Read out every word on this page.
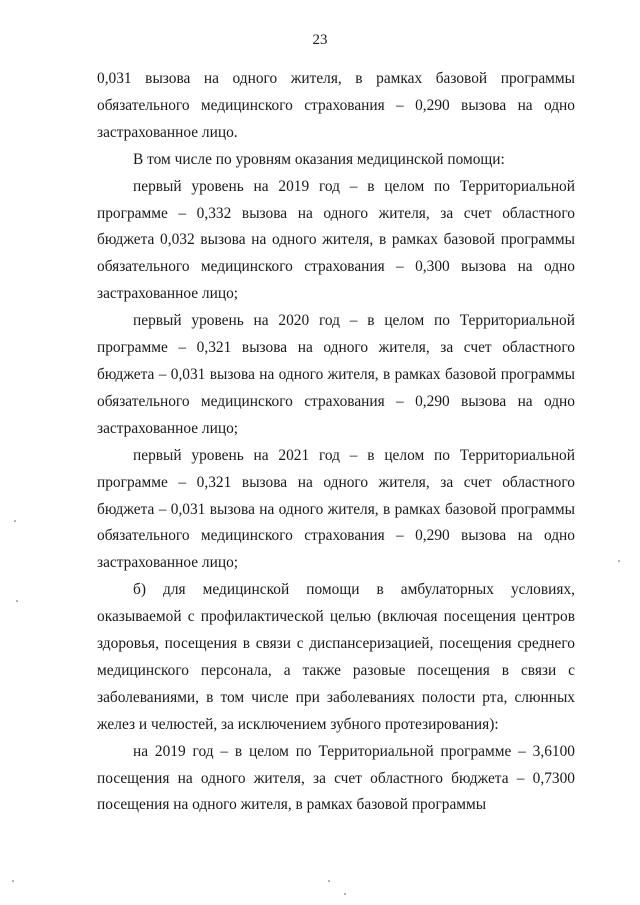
23

0,031 вызова на одного жителя, в рамках базовой программы обязательного медицинского страхования – 0,290 вызова на одно застрахованное лицо.

В том числе по уровням оказания медицинской помощи:

первый уровень на 2019 год – в целом по Территориальной программе – 0,332 вызова на одного жителя, за счет областного бюджета 0,032 вызова на одного жителя, в рамках базовой программы обязательного медицинского страхования – 0,300 вызова на одно застрахованное лицо;

первый уровень на 2020 год – в целом по Территориальной программе – 0,321 вызова на одного жителя, за счет областного бюджета – 0,031 вызова на одного жителя, в рамках базовой программы обязательного медицинского страхования – 0,290 вызова на одно застрахованное лицо;

первый уровень на 2021 год – в целом по Территориальной программе – 0,321 вызова на одного жителя, за счет областного бюджета – 0,031 вызова на одного жителя, в рамках базовой программы обязательного медицинского страхования – 0,290 вызова на одно застрахованное лицо;

б) для медицинской помощи в амбулаторных условиях, оказываемой с профилактической целью (включая посещения центров здоровья, посещения в связи с диспансеризацией, посещения среднего медицинского персонала, а также разовые посещения в связи с заболеваниями, в том числе при заболеваниях полости рта, слюнных желез и челюстей, за исключением зубного протезирования):

на 2019 год – в целом по Территориальной программе – 3,6100 посещения на одного жителя, за счет областного бюджета – 0,7300 посещения на одного жителя, в рамках базовой программы
